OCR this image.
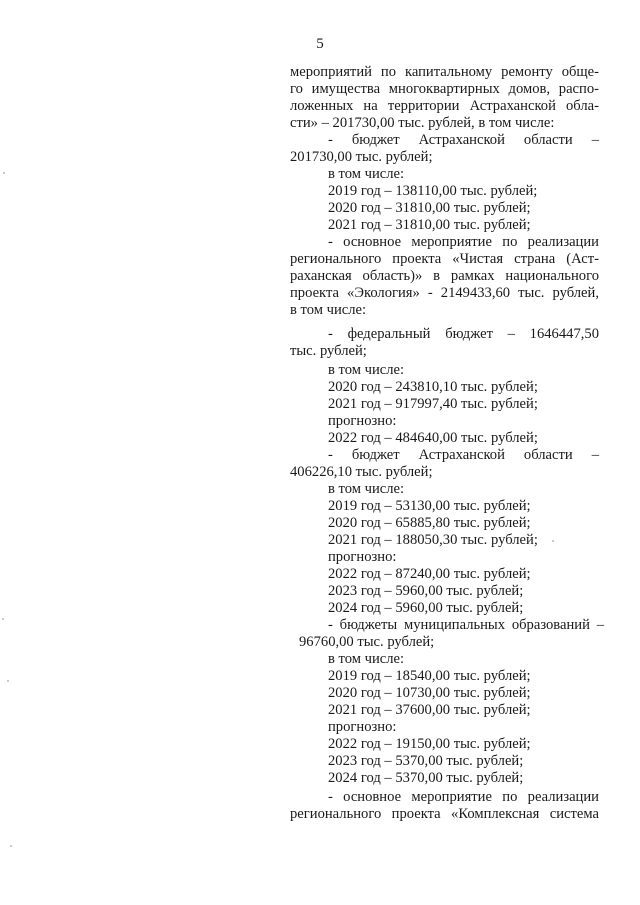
5
мероприятий по капитальному ремонту обще-
го имущества многоквартирных домов, распо-
ложенных на территории Астраханской обла-
сти» – 201730,00 тыс. рублей, в том числе:
- бюджет Астраханской области –
201730,00 тыс. рублей;
в том числе:
2019 год – 138110,00 тыс. рублей;
2020 год – 31810,00 тыс. рублей;
2021 год – 31810,00 тыс. рублей;
- основное мероприятие по реализации
регионального проекта «Чистая страна (Аст-
раханская область)» в рамках национального
проекта «Экология» - 2149433,60 тыс. рублей,
в том числе:
- федеральный бюджет – 1646447,50
тыс. рублей;
в том числе:
2020 год – 243810,10 тыс. рублей;
2021 год – 917997,40 тыс. рублей;
прогнозно:
2022 год – 484640,00 тыс. рублей;
- бюджет Астраханской области –
406226,10 тыс. рублей;
в том числе:
2019 год – 53130,00 тыс. рублей;
2020 год – 65885,80 тыс. рублей;
2021 год – 188050,30 тыс. рублей;
прогнозно:
2022 год – 87240,00 тыс. рублей;
2023 год – 5960,00 тыс. рублей;
2024 год – 5960,00 тыс. рублей;
- бюджеты муниципальных образований –
96760,00 тыс. рублей;
в том числе:
2019 год – 18540,00 тыс. рублей;
2020 год – 10730,00 тыс. рублей;
2021 год – 37600,00 тыс. рублей;
прогнозно:
2022 год – 19150,00 тыс. рублей;
2023 год – 5370,00 тыс. рублей;
2024 год – 5370,00 тыс. рублей;
- основное мероприятие по реализации
регионального проекта «Комплексная система
